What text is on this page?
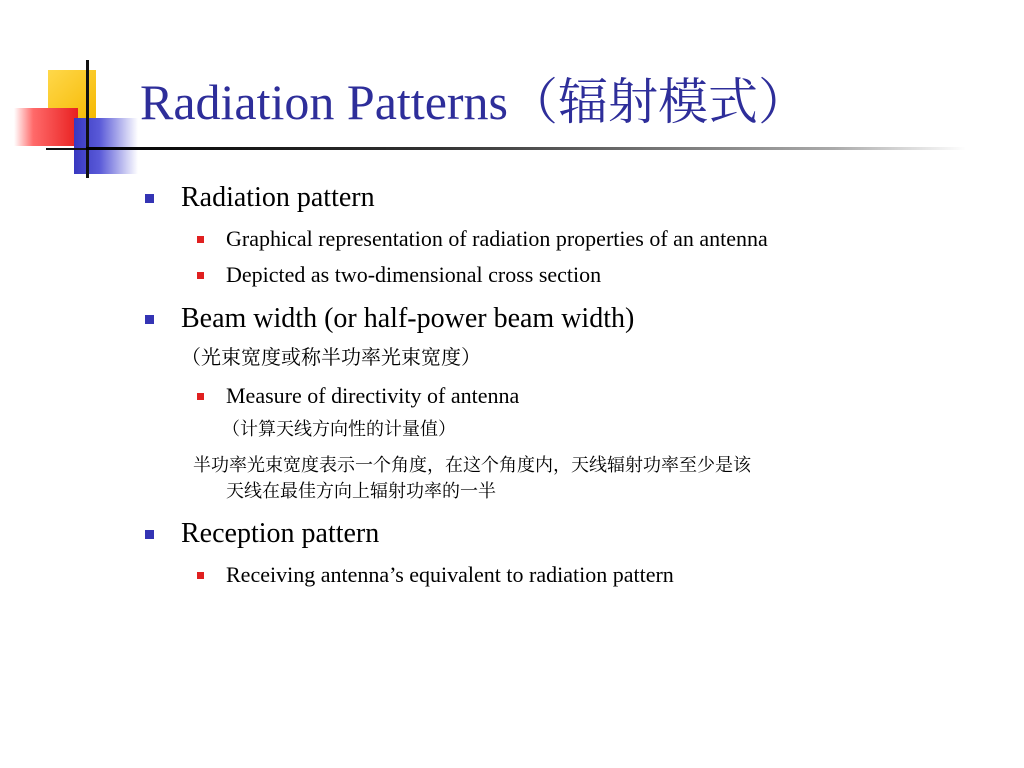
Radiation Patterns（辐射模式）
Radiation pattern
Graphical representation of radiation properties of an antenna
Depicted as two-dimensional cross section
Beam width (or half-power beam width)
（光束宽度或称半功率光束宽度）
Measure of directivity of antenna
（计算天线方向性的计量值）
半功率光束宽度表示一个角度，在这个角度内，天线辐射功率至少是该
天线在最佳方向上辐射功率的一半
Reception pattern
Receiving antenna’s equivalent to radiation pattern
